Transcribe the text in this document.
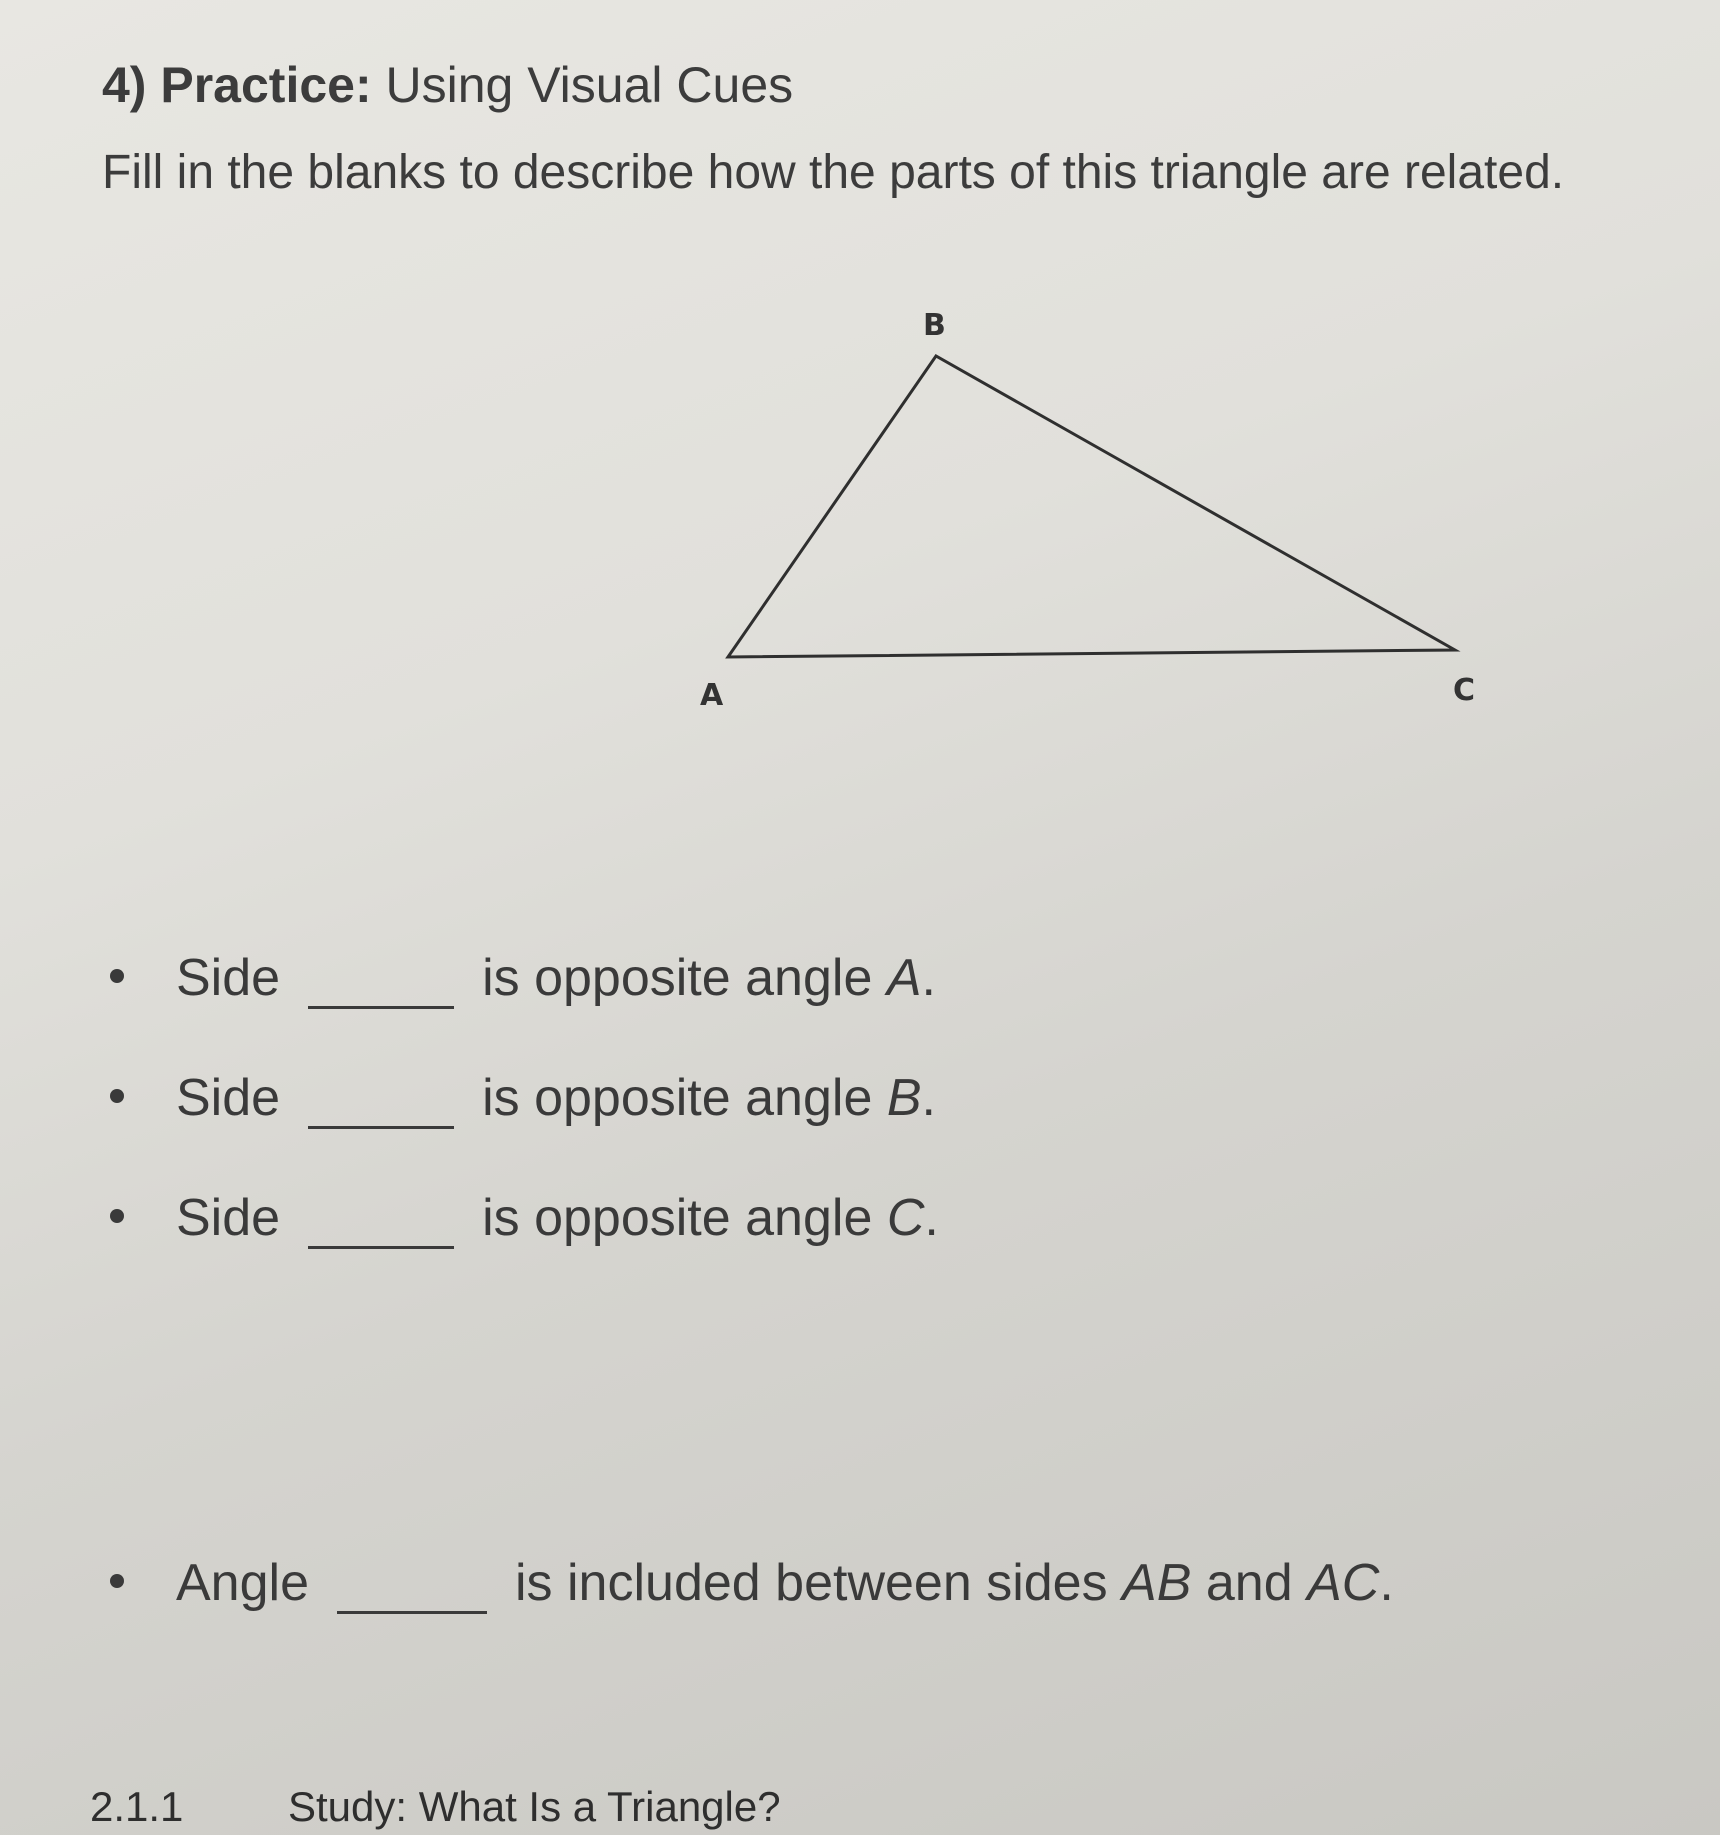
4) Practice: Using Visual Cues
Fill in the blanks to describe how the parts of this triangle are related.
A
B
C
Side	is opposite angle A.
Side	is opposite angle B.
Side	is opposite angle C.
Angle	is included between sides AB and AC.
2.1.1 Study: What Is a Triangle?
